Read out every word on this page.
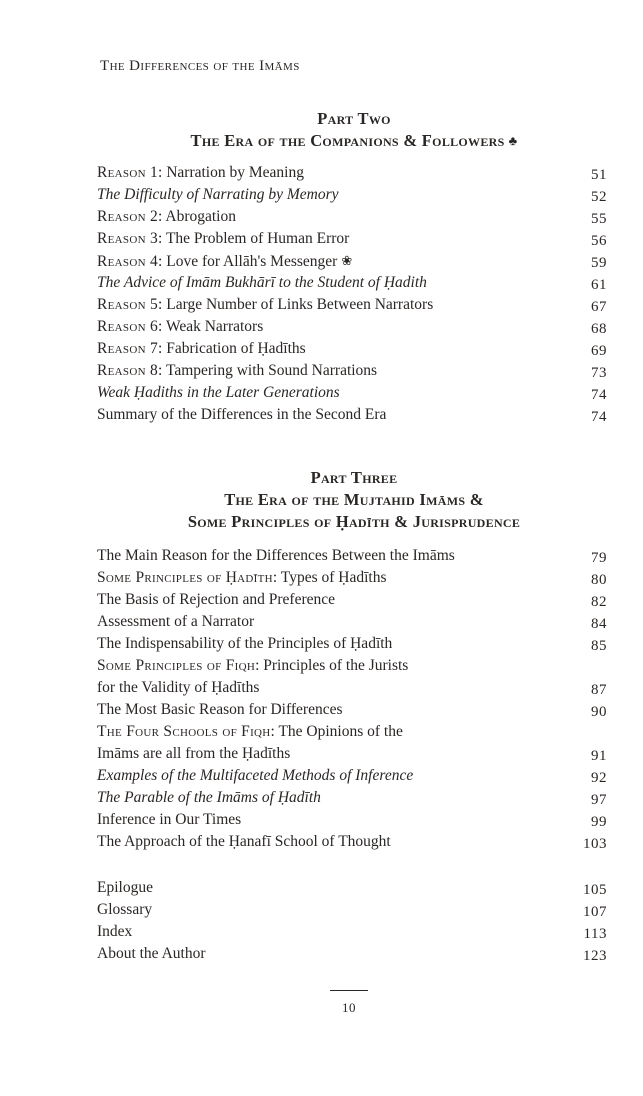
The Differences of the Imāms
Part Two
The Era of the Companions & Followers ♣
Reason 1: Narration by Meaning	51
The Difficulty of Narrating by Memory	52
Reason 2: Abrogation	55
Reason 3: The Problem of Human Error	56
Reason 4: Love for Allāh's Messenger ❀	59
The Advice of Imām Bukhārī to the Student of Ḥadith	61
Reason 5: Large Number of Links Between Narrators	67
Reason 6: Weak Narrators	68
Reason 7: Fabrication of Ḥadīths	69
Reason 8: Tampering with Sound Narrations	73
Weak Ḥadiths in the Later Generations	74
Summary of the Differences in the Second Era	74
Part Three
The Era of the Mujtahid Imāms &
Some Principles of Ḥadīth & Jurisprudence
The Main Reason for the Differences Between the Imāms	79
Some Principles of Ḥadīth: Types of Ḥadīths	80
The Basis of Rejection and Preference	82
Assessment of a Narrator	84
The Indispensability of the Principles of Ḥadīth	85
Some Principles of Fiqh: Principles of the Jurists
for the Validity of Ḥadīths	87
The Most Basic Reason for Differences	90
The Four Schools of Fiqh: The Opinions of the
Imāms are all from the Ḥadīths	91
Examples of the Multifaceted Methods of Inference	92
The Parable of the Imāms of Ḥadīth	97
Inference in Our Times	99
The Approach of the Ḥanafī School of Thought	103
Epilogue	105
Glossary	107
Index	113
About the Author	123
10
